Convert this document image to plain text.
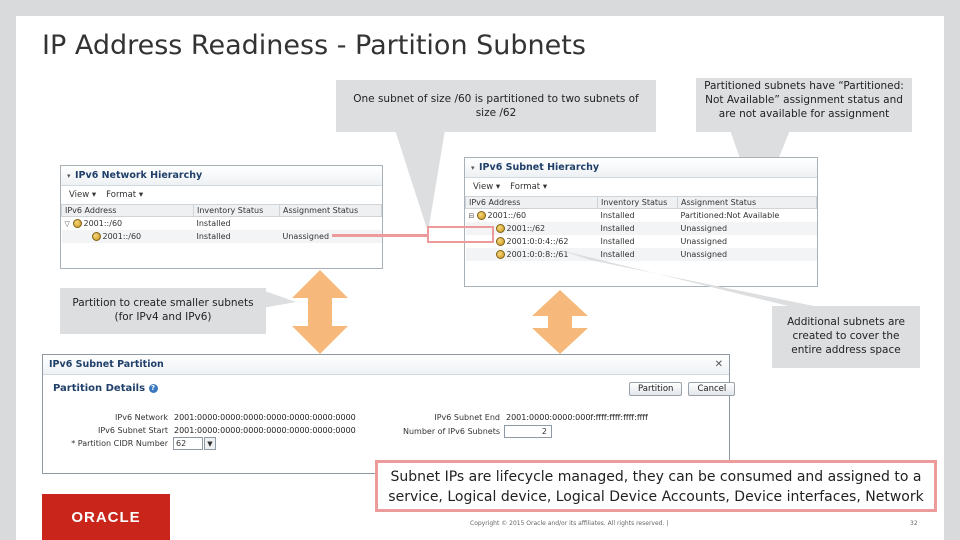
IP Address Readiness - Partition Subnets
One subnet of size /60 is partitioned to two subnets of size /62
Partitioned subnets have “Partitioned: Not Available” assignment status and are not available for assignment
▾ IPv6 Network Hierarchy
View ▾ Format ▾
IPv6 Address	Inventory Status	Assignment Status
▽ 2001::/60	Installed	
2001::/60	Installed	Unassigned
▾ IPv6 Subnet Hierarchy
View ▾ Format ▾
IPv6 Address	Inventory Status	Assignment Status
⊟ 2001::/60	Installed	Partitioned:Not Available
2001::/62	Installed	Unassigned
2001:0:0:4::/62	Installed	Unassigned
2001:0:0:8::/61	Installed	Unassigned
Partition to create smaller subnets (for IPv4 and IPv6)	Additional subnets are created to cover the entire address space
IPv6 Subnet Partition	✕
Partition Details ?	Partition	Cancel
IPv6 Network 2001:0000:0000:0000:0000:0000:0000:0000
IPv6 Subnet Start 2001:0000:0000:0000:0000:0000:0000:0000
* Partition CIDR Number	62	▼
IPv6 Subnet End 2001:0000:0000:000f:ffff:ffff:ffff:ffff
Number of IPv6 Subnets	2
Subnet IPs are lifecycle managed, they can be consumed and assigned to a service, Logical device, Logical Device Accounts, Device interfaces, Network
ORACLE	Copyright © 2015 Oracle and/or its affiliates. All rights reserved. |	32
